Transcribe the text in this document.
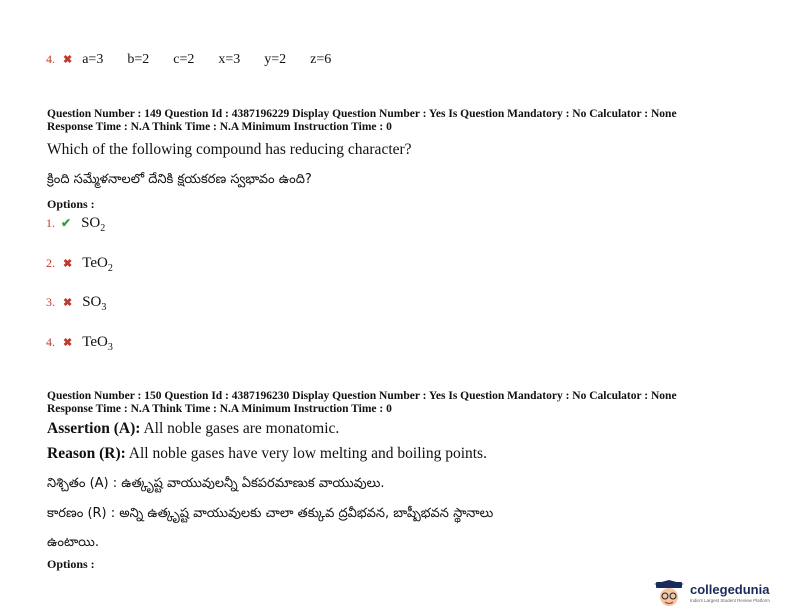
4. ✖ a=3 b=2 c=2 x=3 y=2 z=6
Question Number : 149 Question Id : 4387196229 Display Question Number : Yes Is Question Mandatory : No Calculator : None
Response Time : N.A Think Time : N.A Minimum Instruction Time : 0
Which of the following compound has reducing character?
క్రింది సమ్మేళనాలలో దేనికి క్షయకరణ స్వభావం ఉంది?
Options :
1. ✔ $SO_2$
2. ✖ TeO$_2$
3. ✖ $SO_3$
4. ✖ TeO$_3$
Question Number : 150 Question Id : 4387196230 Display Question Number : Yes Is Question Mandatory : No Calculator : None
Response Time : N.A Think Time : N.A Minimum Instruction Time : 0
Assertion (A): All noble gases are monatomic.
Reason (R): All noble gases have very low melting and boiling points.
నిశ్చితం (A) : ఉత్కృష్ట వాయువులన్నీ ఏకపరమాణుక వాయువులు.
కారణం (R) : అన్ని ఉత్కృష్ట వాయువులకు చాలా తక్కువ ద్రవీభవన, బాష్పీభవన స్థానాలు
ఉంటాయి.
Options :
collegedunia
India's Largest Student Review Platform
